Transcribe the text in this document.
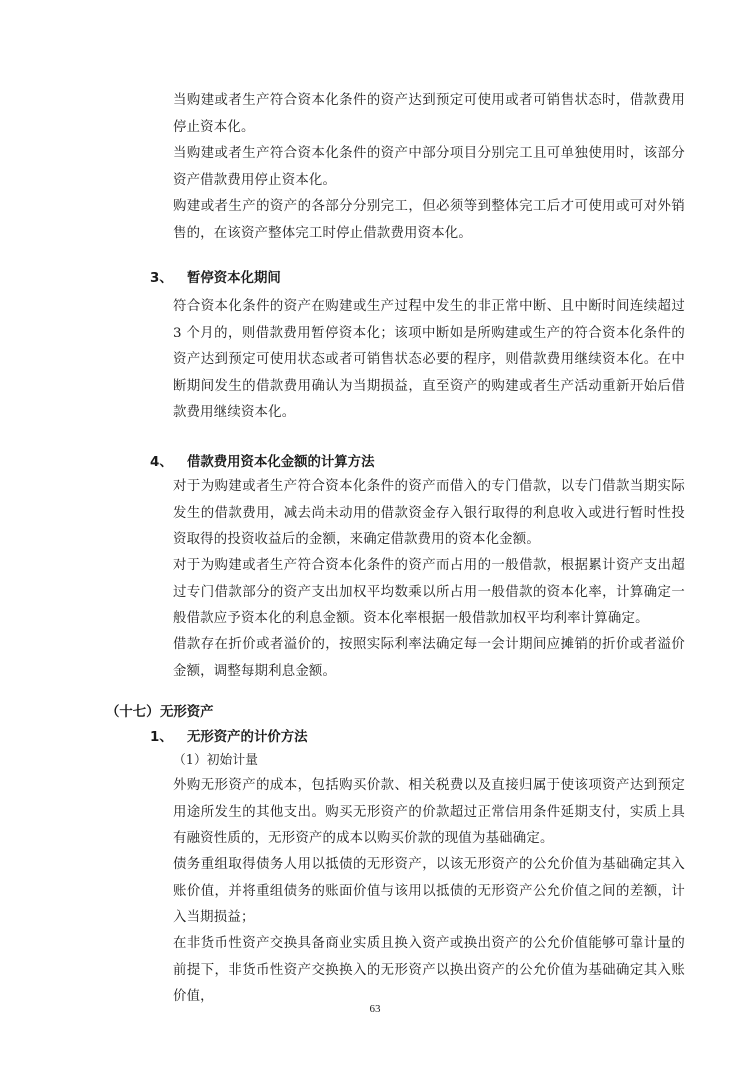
当购建或者生产符合资本化条件的资产达到预定可使用或者可销售状态时，借款费用停止资本化。

当购建或者生产符合资本化条件的资产中部分项目分别完工且可单独使用时，该部分资产借款费用停止资本化。

购建或者生产的资产的各部分分别完工，但必须等到整体完工后才可使用或可对外销售的，在该资产整体完工时停止借款费用资本化。

3、 暂停资本化期间

符合资本化条件的资产在购建或生产过程中发生的非正常中断、且中断时间连续超过 3 个月的，则借款费用暂停资本化；该项中断如是所购建或生产的符合资本化条件的资产达到预定可使用状态或者可销售状态必要的程序，则借款费用继续资本化。在中断期间发生的借款费用确认为当期损益，直至资产的购建或者生产活动重新开始后借款费用继续资本化。

4、 借款费用资本化金额的计算方法

对于为购建或者生产符合资本化条件的资产而借入的专门借款，以专门借款当期实际发生的借款费用，减去尚未动用的借款资金存入银行取得的利息收入或进行暂时性投资取得的投资收益后的金额，来确定借款费用的资本化金额。

对于为购建或者生产符合资本化条件的资产而占用的一般借款，根据累计资产支出超过专门借款部分的资产支出加权平均数乘以所占用一般借款的资本化率，计算确定一般借款应予资本化的利息金额。资本化率根据一般借款加权平均利率计算确定。

借款存在折价或者溢价的，按照实际利率法确定每一会计期间应摊销的折价或者溢价金额，调整每期利息金额。

（十七） 无形资产
1、 无形资产的计价方法

（1）初始计量

外购无形资产的成本，包括购买价款、相关税费以及直接归属于使该项资产达到预定用途所发生的其他支出。购买无形资产的价款超过正常信用条件延期支付，实质上具有融资性质的，无形资产的成本以购买价款的现值为基础确定。

债务重组取得债务人用以抵债的无形资产，以该无形资产的公允价值为基础确定其入账价值，并将重组债务的账面价值与该用以抵债的无形资产公允价值之间的差额，计入当期损益；

在非货币性资产交换具备商业实质且换入资产或换出资产的公允价值能够可靠计量的前提下，非货币性资产交换换入的无形资产以换出资产的公允价值为基础确定其入账价值，

63
